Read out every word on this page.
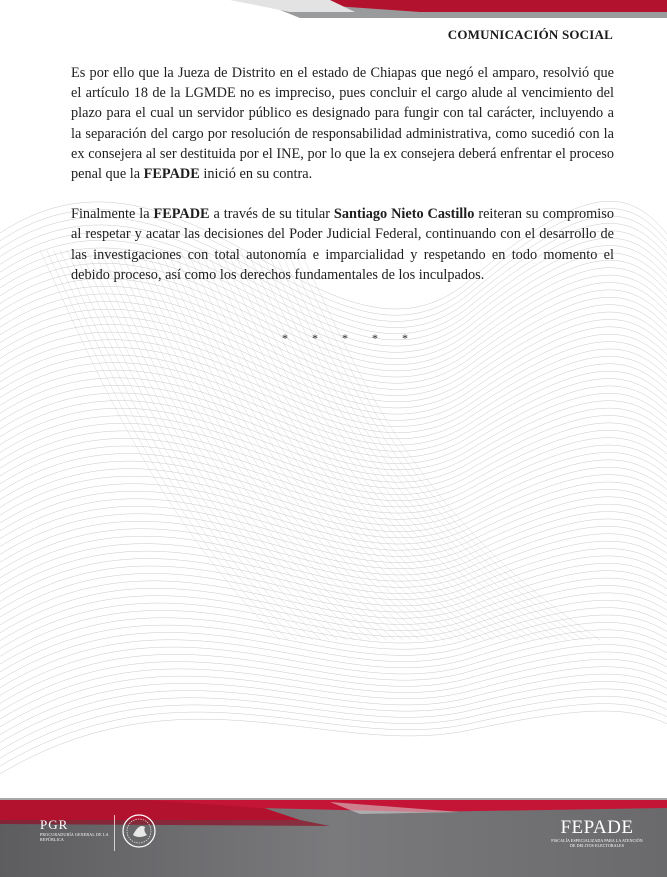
COMUNICACIÓN SOCIAL

Es por ello que la Jueza de Distrito en el estado de Chiapas que negó el amparo, resolvió que el artículo 18 de la LGMDE no es impreciso, pues concluir el cargo alude al vencimiento del plazo para el cual un servidor público es designado para fungir con tal carácter, incluyendo a la separación del cargo por resolución de responsabilidad administrativa, como sucedió con la ex consejera al ser destituida por el INE, por lo que la ex consejera deberá enfrentar el proceso penal que la FEPADE inició en su contra.

Finalmente la FEPADE a través de su titular Santiago Nieto Castillo reiteran su compromiso al respetar y acatar las decisiones del Poder Judicial Federal, continuando con el desarrollo de las investigaciones con total autonomía e imparcialidad y respetando en todo momento el debido proceso, así como los derechos fundamentales de los inculpados.

* * * * *
PGR
PROCURADURÍA GENERAL DE LA REPÚBLICA
FEPADE
FISCALÍA ESPECIALIZADA PARA LA ATENCIÓN DE DELITOS ELECTORALES
